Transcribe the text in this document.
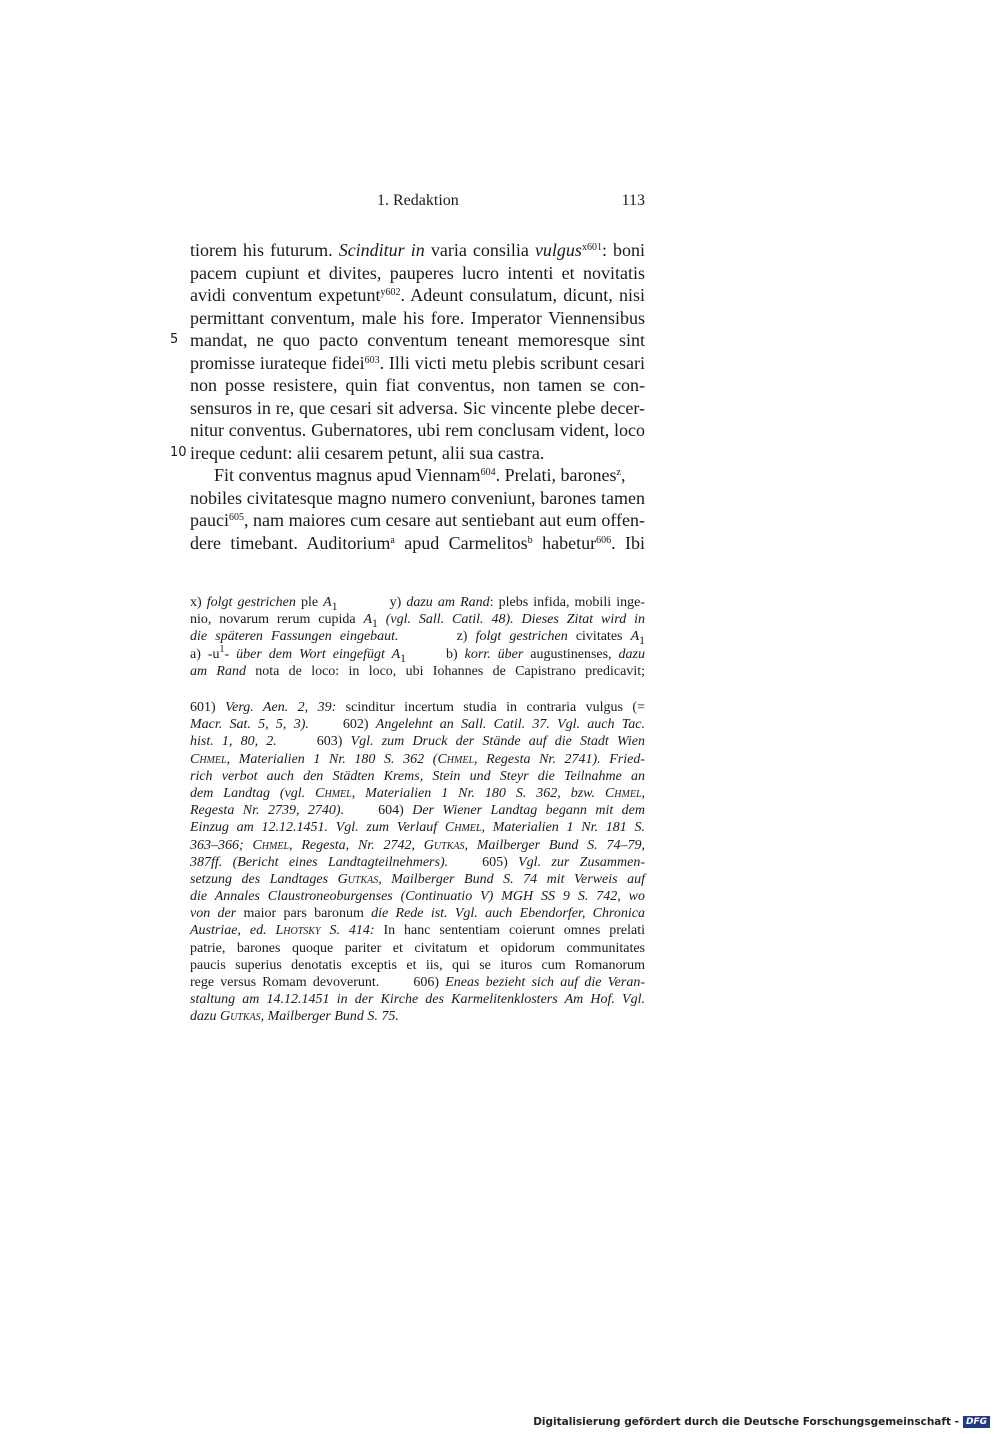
1. Redaktion	113
tiorem his futurum. Scinditur in varia consilia vulgus$^{x601}$: boni
pacem cupiunt et divites, pauperes lucro intenti et novitatis
avidi conventum expetunt$^{y602}$. Adeunt consulatum, dicunt, nisi
permittant conventum, male his fore. Imperator Viennensibus
5 mandat, ne quo pacto conventum teneant memoresque sint
promisse iurateque fidei$^{603}$. Illi victi metu plebis scribunt cesari
non posse resistere, quin fiat conventus, non tamen se con-
sensuros in re, que cesari sit adversa. Sic vincente plebe decer-
nitur conventus. Gubernatores, ubi rem conclusam vident, loco
10 ireque cedunt: alii cesarem petunt, alii sua castra.
Fit conventus magnus apud Viennam$^{604}$. Prelati, barones$^z$,
nobiles civitatesque magno numero conveniunt, barones tamen
pauci$^{605}$, nam maiores cum cesare aut sentiebant aut eum offen-
dere timebant. Auditorium$^a$ apud Carmelitos$^b$ habetur$^{606}$. Ibi
x) folgt gestrichen ple $A_1$	y) dazu am Rand: plebs infida, mobili inge-
nio, novarum rerum cupida $A_1$ (vgl. Sall. Catil. 48). Dieses Zitat wird in
die späteren Fassungen eingebaut.	z) folgt gestrichen civitates $A_1$
a) $-u^1-$ über dem Wort eingefügt $A_1$	b) korr. über augustinenses, dazu
am Rand nota de loco: in loco, ubi Iohannes de Capistrano predicavit;
601) Verg. Aen. 2, 39: scinditur incertum studia in contraria vulgus (=
Macr. Sat. 5, 5, 3). 602) Angelehnt an Sall. Catil. 37. Vgl. auch Tac.
hist. 1, 80, 2.	603) Vgl. zum Druck der Stände auf die Stadt Wien
Chmel, Materialien 1 Nr. 180 S. 362 (Chmel, Regesta Nr. 2741). Fried-
rich verbot auch den Städten Krems, Stein und Steyr die Teilnahme an
dem Landtag (vgl. Chmel, Materialien 1 Nr. 180 S. 362, bzw. Chmel,
Regesta Nr. 2739, 2740). 604) Der Wiener Landtag begann mit dem
Einzug am 12.12.1451. Vgl. zum Verlauf Chmel, Materialien 1 Nr. 181 S.
363–366; Chmel, Regesta, Nr. 2742, Gutkas, Mailberger Bund S. 74–79,
387ff. (Bericht eines Landtagteilnehmers). 605) Vgl. zur Zusammen-
setzung des Landtages Gutkas, Mailberger Bund S. 74 mit Verweis auf
die Annales Claustroneoburgenses (Continuatio V) MGH SS 9 S. 742, wo
von der maior pars baronum die Rede ist. Vgl. auch Ebendorfer, Chronica
Austriae, ed. Lhotsky S. 414: In hanc sententiam coierunt omnes prelati
patrie, barones quoque pariter et civitatum et opidorum communitates
paucis superius denotatis exceptis et iis, qui se ituros cum Romanorum
rege versus Romam devoverunt. 606) Eneas bezieht sich auf die Veran-
staltung am 14.12.1451 in der Kirche des Karmelitenklosters Am Hof. Vgl.
dazu Gutkas, Mailberger Bund S. 75.
Digitalisierung gefördert durch die Deutsche Forschungsgemeinschaft - DFG
